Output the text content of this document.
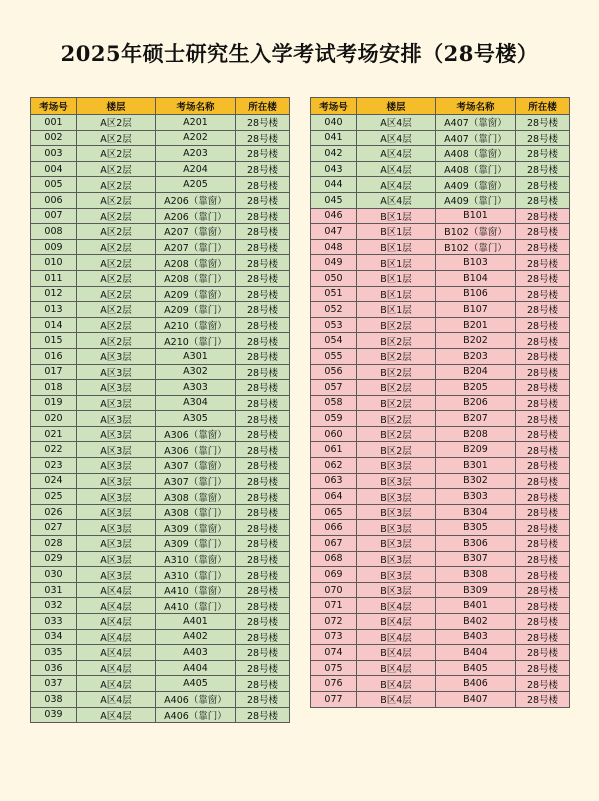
2025年硕士研究生入学考试考场安排（28号楼）
考场号	楼层	考场名称	所在楼
001	A区2层	A201	28号楼
002	A区2层	A202	28号楼
003	A区2层	A203	28号楼
004	A区2层	A204	28号楼
005	A区2层	A205	28号楼
006	A区2层	A206（靠窗）	28号楼
007	A区2层	A206（靠门）	28号楼
008	A区2层	A207（靠窗）	28号楼
009	A区2层	A207（靠门）	28号楼
010	A区2层	A208（靠窗）	28号楼
011	A区2层	A208（靠门）	28号楼
012	A区2层	A209（靠窗）	28号楼
013	A区2层	A209（靠门）	28号楼
014	A区2层	A210（靠窗）	28号楼
015	A区2层	A210（靠门）	28号楼
016	A区3层	A301	28号楼
017	A区3层	A302	28号楼
018	A区3层	A303	28号楼
019	A区3层	A304	28号楼
020	A区3层	A305	28号楼
021	A区3层	A306（靠窗）	28号楼
022	A区3层	A306（靠门）	28号楼
023	A区3层	A307（靠窗）	28号楼
024	A区3层	A307（靠门）	28号楼
025	A区3层	A308（靠窗）	28号楼
026	A区3层	A308（靠门）	28号楼
027	A区3层	A309（靠窗）	28号楼
028	A区3层	A309（靠门）	28号楼
029	A区3层	A310（靠窗）	28号楼
030	A区3层	A310（靠门）	28号楼
031	A区4层	A410（靠窗）	28号楼
032	A区4层	A410（靠门）	28号楼
033	A区4层	A401	28号楼
034	A区4层	A402	28号楼
035	A区4层	A403	28号楼
036	A区4层	A404	28号楼
037	A区4层	A405	28号楼
038	A区4层	A406（靠窗）	28号楼
039	A区4层	A406（靠门）	28号楼
考场号	楼层	考场名称	所在楼
040	A区4层	A407（靠窗）	28号楼
041	A区4层	A407（靠门）	28号楼
042	A区4层	A408（靠窗）	28号楼
043	A区4层	A408（靠门）	28号楼
044	A区4层	A409（靠窗）	28号楼
045	A区4层	A409（靠门）	28号楼
046	B区1层	B101	28号楼
047	B区1层	B102（靠窗）	28号楼
048	B区1层	B102（靠门）	28号楼
049	B区1层	B103	28号楼
050	B区1层	B104	28号楼
051	B区1层	B106	28号楼
052	B区1层	B107	28号楼
053	B区2层	B201	28号楼
054	B区2层	B202	28号楼
055	B区2层	B203	28号楼
056	B区2层	B204	28号楼
057	B区2层	B205	28号楼
058	B区2层	B206	28号楼
059	B区2层	B207	28号楼
060	B区2层	B208	28号楼
061	B区2层	B209	28号楼
062	B区3层	B301	28号楼
063	B区3层	B302	28号楼
064	B区3层	B303	28号楼
065	B区3层	B304	28号楼
066	B区3层	B305	28号楼
067	B区3层	B306	28号楼
068	B区3层	B307	28号楼
069	B区3层	B308	28号楼
070	B区3层	B309	28号楼
071	B区4层	B401	28号楼
072	B区4层	B402	28号楼
073	B区4层	B403	28号楼
074	B区4层	B404	28号楼
075	B区4层	B405	28号楼
076	B区4层	B406	28号楼
077	B区4层	B407	28号楼
